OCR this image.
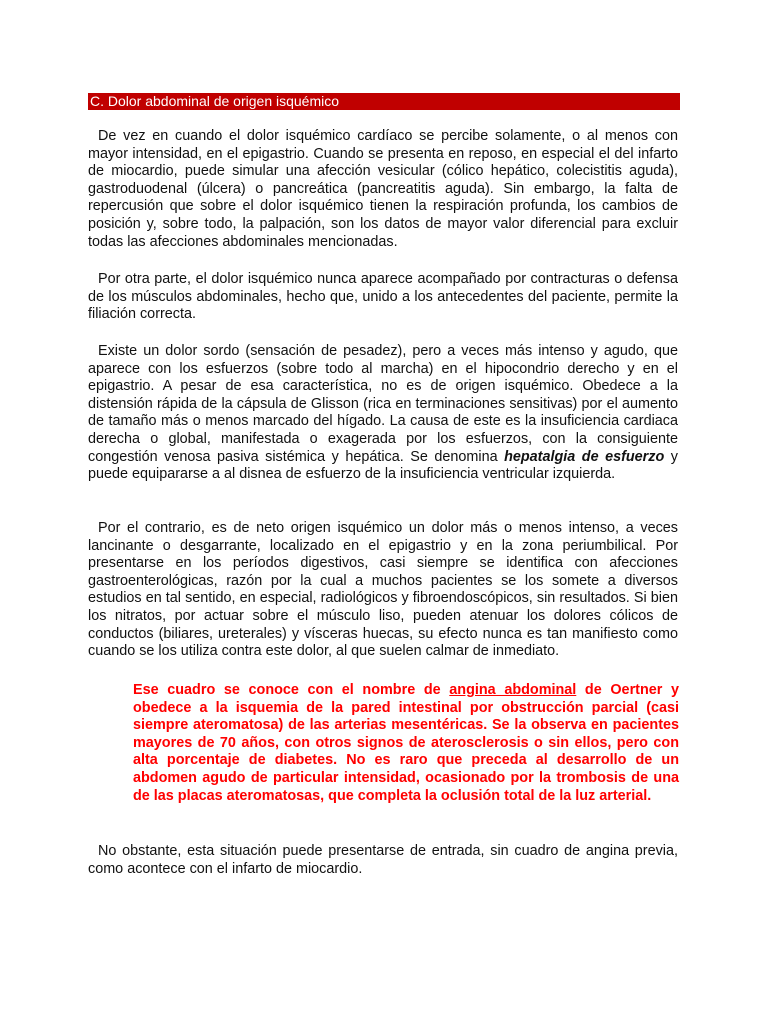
C. Dolor abdominal de origen isquémico

De vez en cuando el dolor isquémico cardíaco se percibe solamente, o al menos con mayor intensidad, en el epigastrio. Cuando se presenta en reposo, en especial el del infarto de miocardio, puede simular una afección vesicular (cólico hepático, colecistitis aguda), gastroduodenal (úlcera) o pancreática (pancreatitis aguda). Sin embargo, la falta de repercusión que sobre el dolor isquémico tienen la respiración profunda, los cambios de posición y, sobre todo, la palpación, son los datos de mayor valor diferencial para excluir todas las afecciones abdominales mencionadas.

Por otra parte, el dolor isquémico nunca aparece acompañado por contracturas o defensa de los músculos abdominales, hecho que, unido a los antecedentes del paciente, permite la filiación correcta.

Existe un dolor sordo (sensación de pesadez), pero a veces más intenso y agudo, que aparece con los esfuerzos (sobre todo al marcha) en el hipocondrio derecho y en el epigastrio. A pesar de esa característica, no es de origen isquémico. Obedece a la distensión rápida de la cápsula de Glisson (rica en terminaciones sensitivas) por el aumento de tamaño más o menos marcado del hígado. La causa de este es la insuficiencia cardiaca derecha o global, manifestada o exagerada por los esfuerzos, con la consiguiente congestión venosa pasiva sistémica y hepática. Se denomina hepatalgia de esfuerzo y puede equipararse a al disnea de esfuerzo de la insuficiencia ventricular izquierda.

Por el contrario, es de neto origen isquémico un dolor más o menos intenso, a veces lancinante o desgarrante, localizado en el epigastrio y en la zona periumbilical. Por presentarse en los períodos digestivos, casi siempre se identifica con afecciones gastroenterológicas, razón por la cual a muchos pacientes se los somete a diversos estudios en tal sentido, en especial, radiológicos y fibroendoscópicos, sin resultados. Si bien los nitratos, por actuar sobre el músculo liso, pueden atenuar los dolores cólicos de conductos (biliares, ureterales) y vísceras huecas, su efecto nunca es tan manifiesto como cuando se los utiliza contra este dolor, al que suelen calmar de inmediato.

Ese cuadro se conoce con el nombre de angina abdominal de Oertner y obedece a la isquemia de la pared intestinal por obstrucción parcial (casi siempre ateromatosa) de las arterias mesentéricas. Se la observa en pacientes mayores de 70 años, con otros signos de aterosclerosis o sin ellos, pero con alta porcentaje de diabetes. No es raro que preceda al desarrollo de un abdomen agudo de particular intensidad, ocasionado por la trombosis de una de las placas ateromatosas, que completa la oclusión total de la luz arterial.

No obstante, esta situación puede presentarse de entrada, sin cuadro de angina previa, como acontece con el infarto de miocardio.
